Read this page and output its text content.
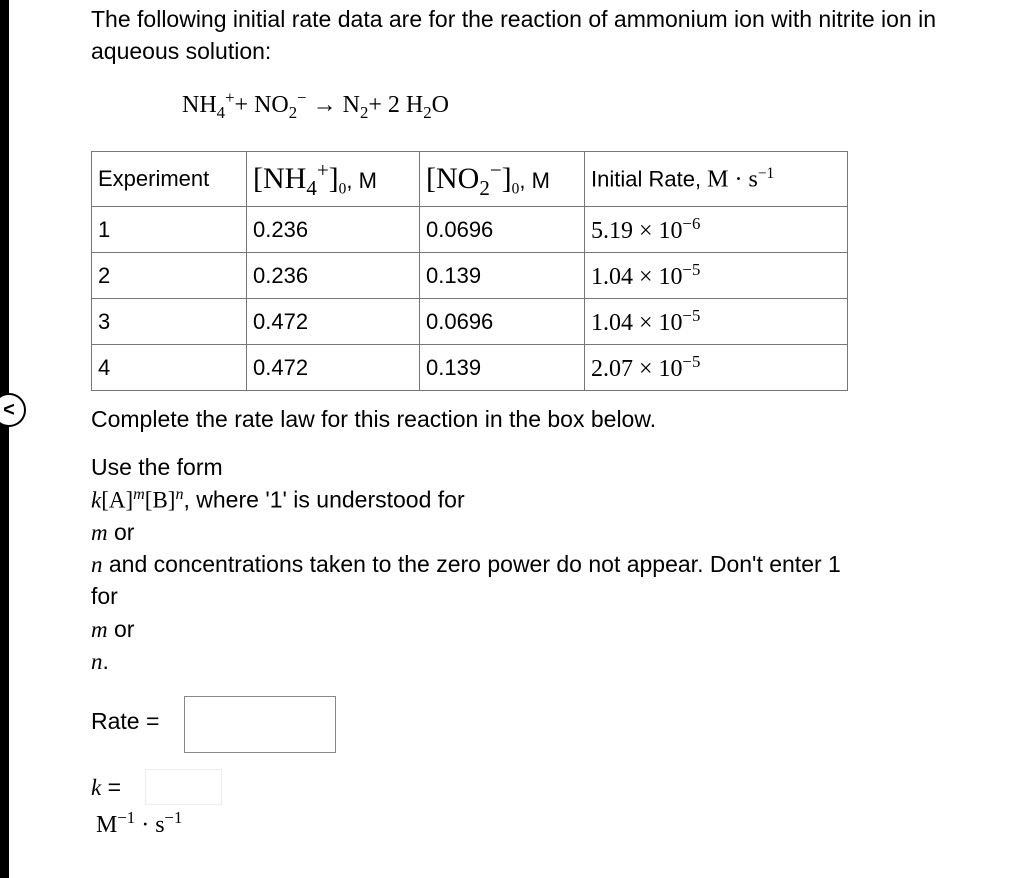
<
The following initial rate data are for the reaction of ammonium ion with nitrite ion in aqueous solution:
$NH_4^++ NO_2^- \to N_2+ 2$ $H_2O$
Experiment	$[NH_4^+]_0$, M	$[NO_2^-]_0$, M	Initial Rate, $M \cdot s^{-1}$
1	0.236	0.0696	$5.19 \times 10^{-6}$
2	0.236	0.139	$1.04 \times 10^{-5}$
3	0.472	0.0696	$1.04 \times 10^{-5}$
4	0.472	0.139	$2.07 \times 10^{-5}$
Complete the rate law for this reaction in the box below.
Use the form
$k[A]^m[B]^n$, where '1' is understood for
m or
n and concentrations taken to the zero power do not appear. Don't enter 1
for
m or
n.
Rate =
k =
$M^{-1} \cdot s^{-1}$
